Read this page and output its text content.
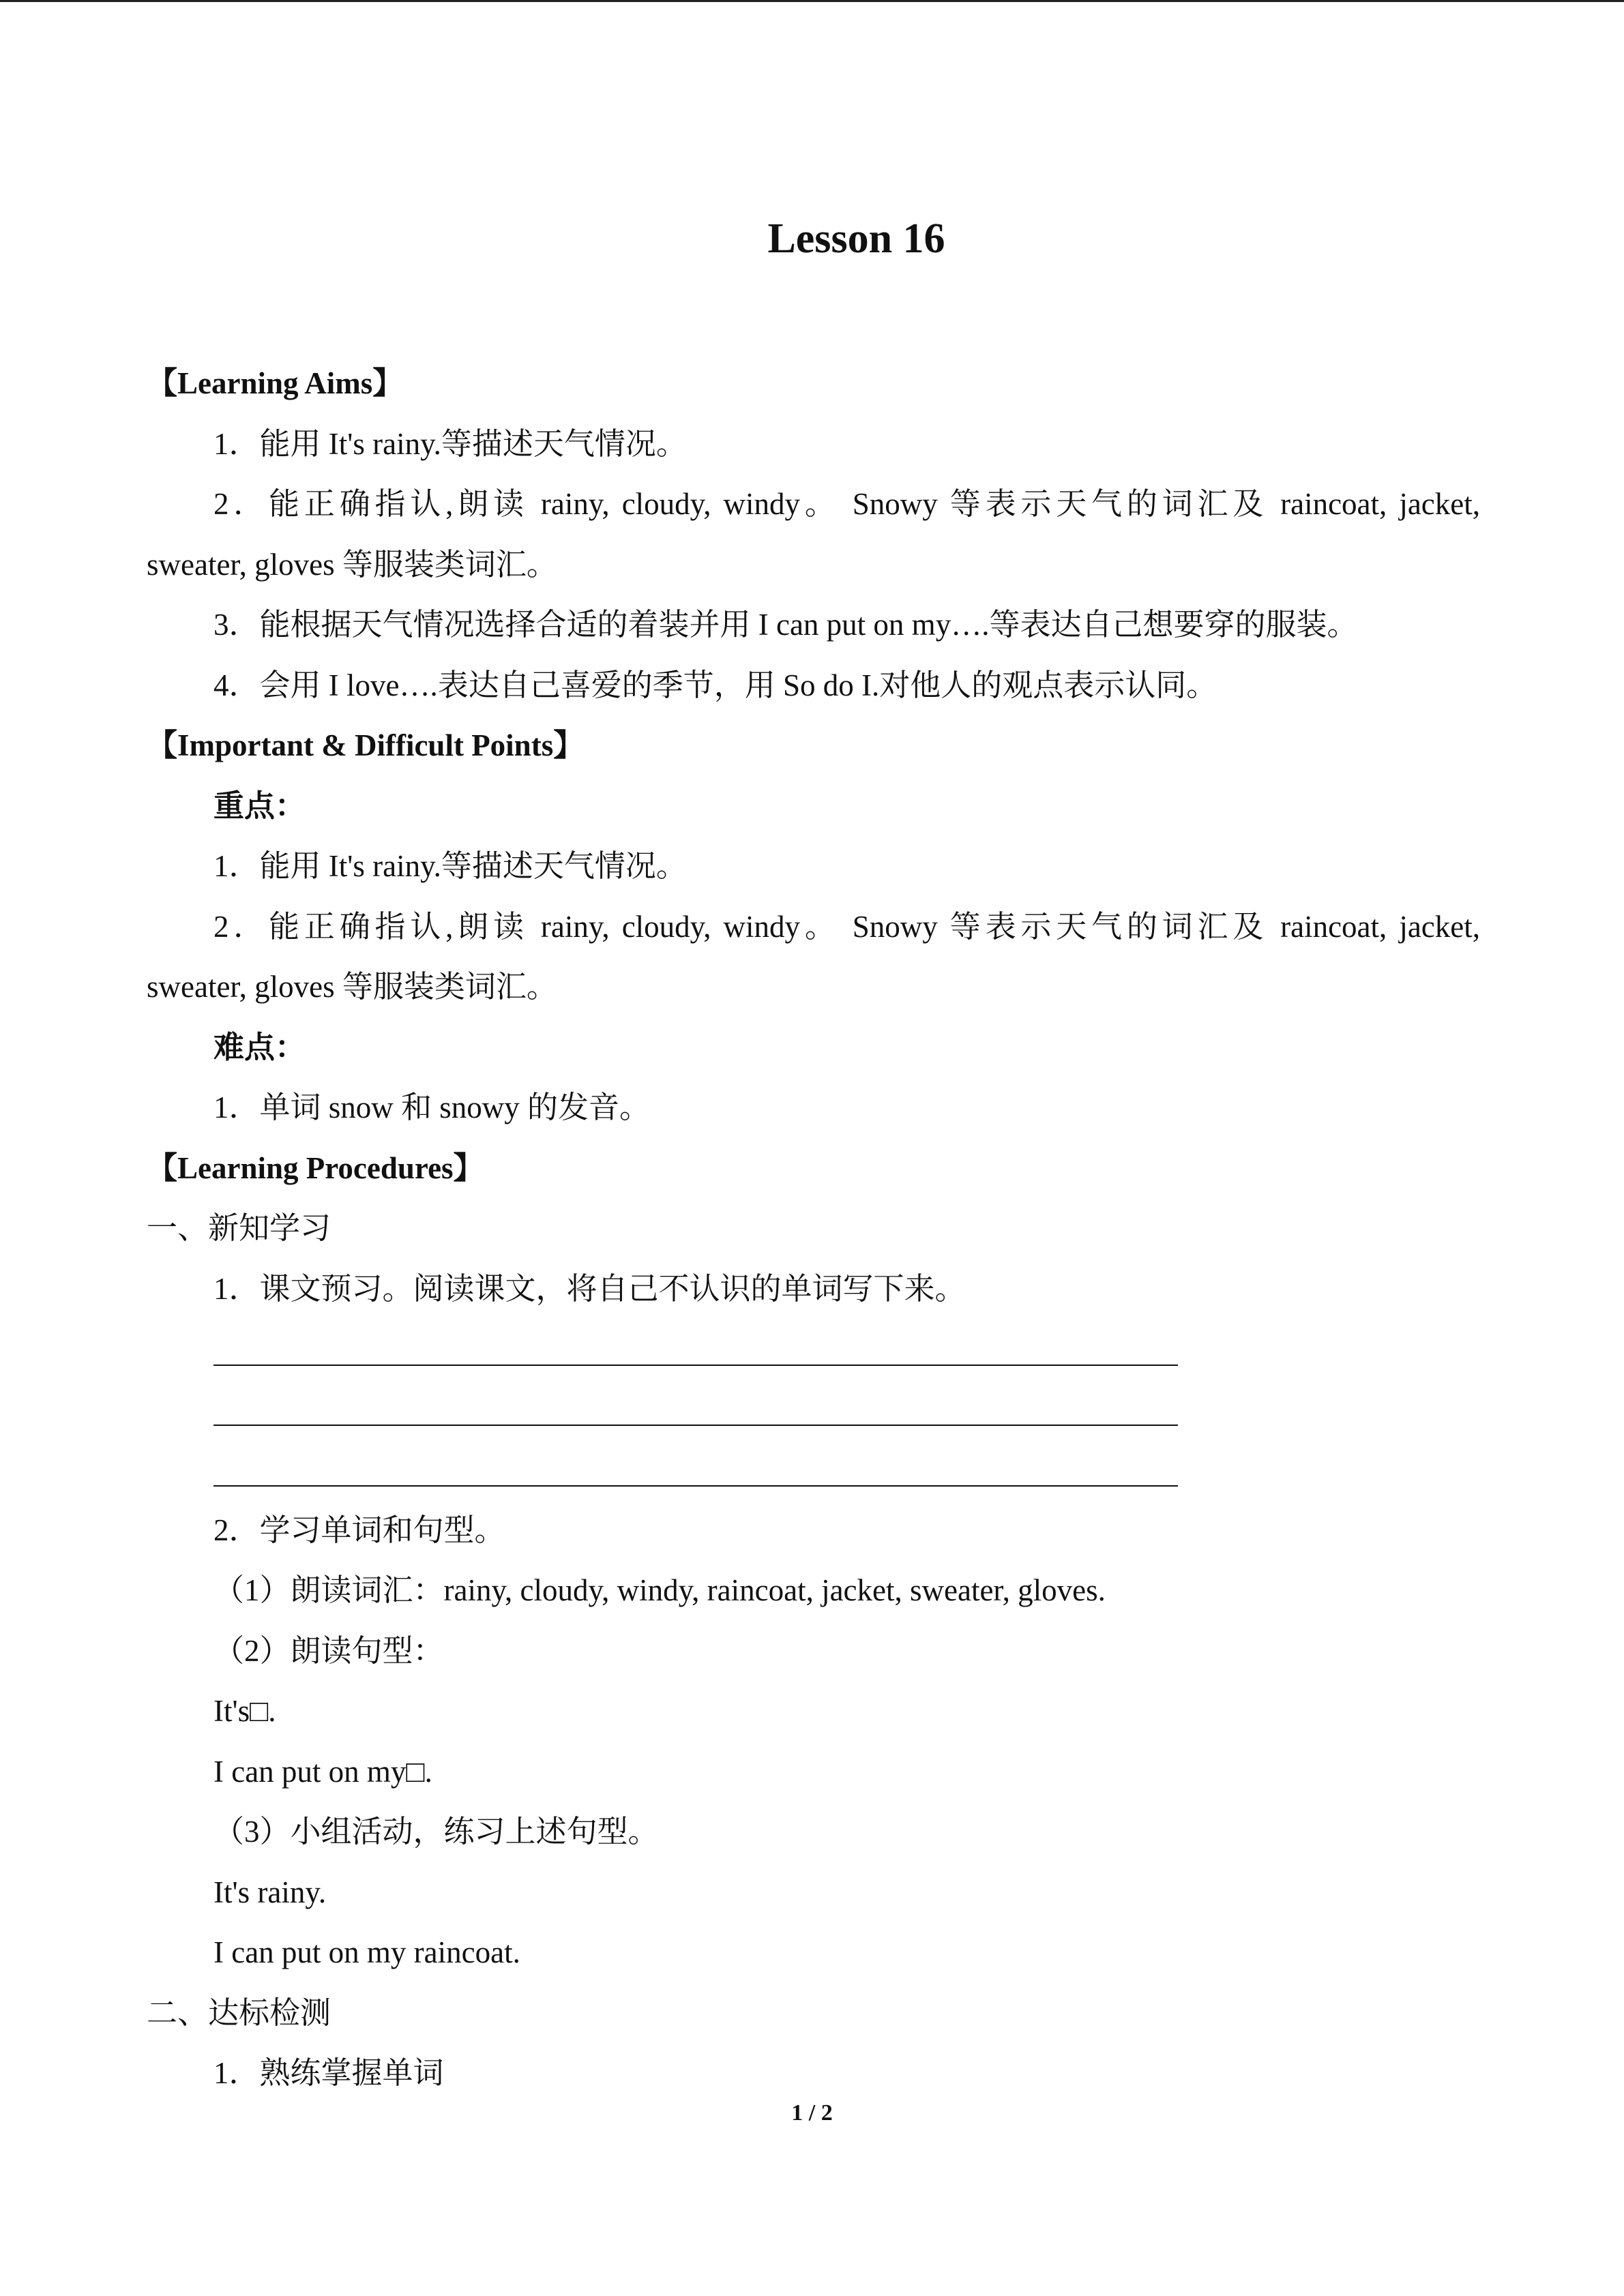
Lesson 16
【Learning Aims】
1．能用 It's rainy.等描述天气情况。
2．能正确指认,朗读 rainy, cloudy, windy。 Snowy 等表示天气的词汇及 raincoat, jacket,
sweater, gloves 等服装类词汇。
3．能根据天气情况选择合适的着装并用 I can put on my….等表达自己想要穿的服装。
4．会用 I love….表达自己喜爱的季节，用 So do I.对他人的观点表示认同。
【Important & Difficult Points】
重点：
1．能用 It's rainy.等描述天气情况。
2．能正确指认,朗读 rainy, cloudy, windy。 Snowy 等表示天气的词汇及 raincoat, jacket,
sweater, gloves 等服装类词汇。
难点：
1．单词 snow 和 snowy 的发音。
【Learning Procedures】
一、新知学习
1．课文预习。阅读课文，将自己不认识的单词写下来。
2．学习单词和句型。
（1）朗读词汇：rainy, cloudy, windy, raincoat, jacket, sweater, gloves.
（2）朗读句型：
It's□.
I can put on my□.
（3）小组活动，练习上述句型。
It's rainy.
I can put on my raincoat.
二、达标检测
1．熟练掌握单词
1 / 2
